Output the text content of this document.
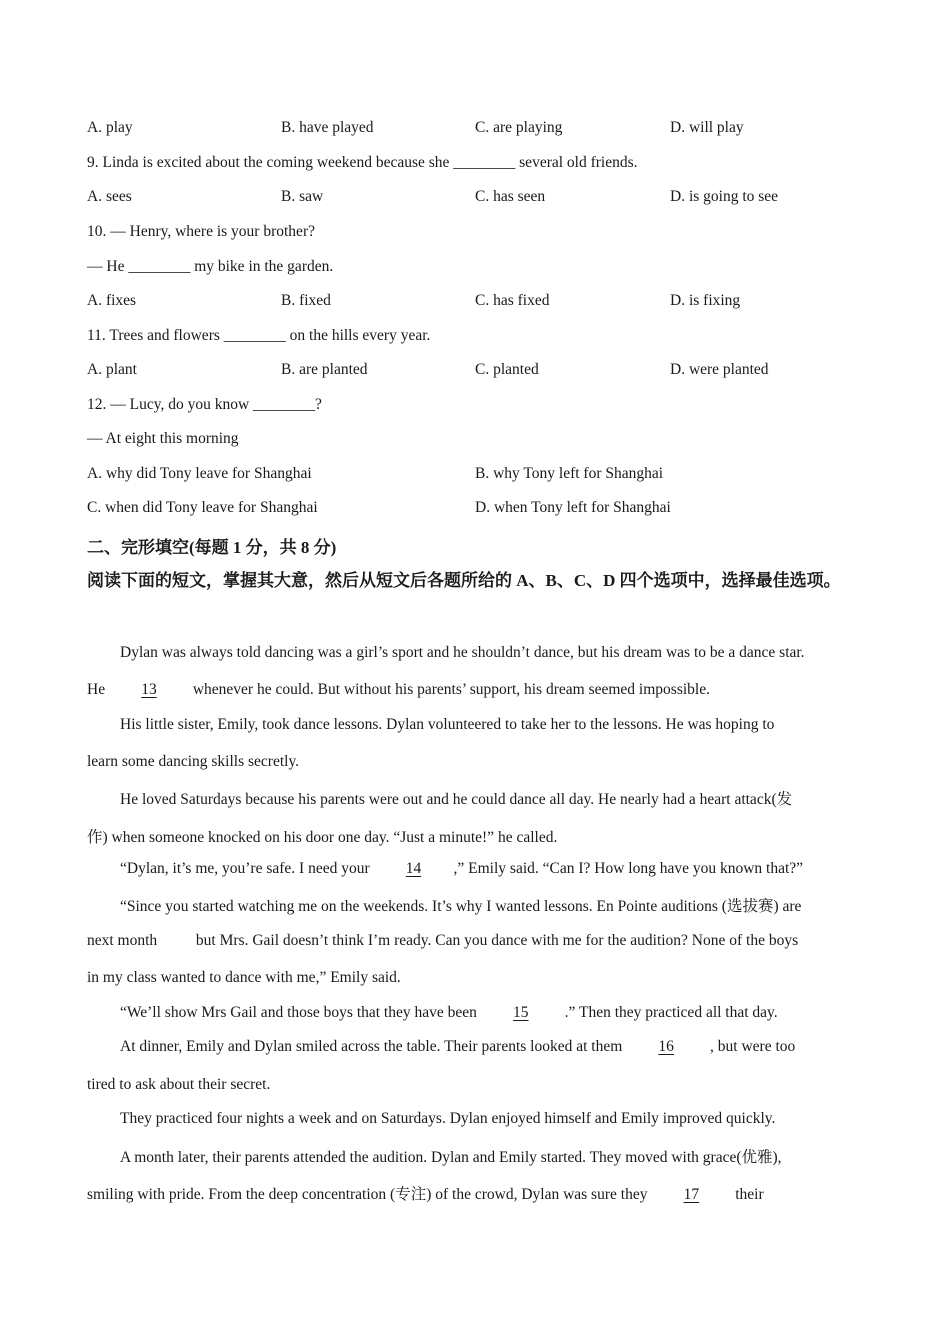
A. play	B. have played	C. are playing	D. will play
9. Linda is excited about the coming weekend because she ________ several old friends.
A. sees	B. saw	C. has seen	D. is going to see
10. — Henry, where is your brother?
— He ________ my bike in the garden.
A. fixes	B. fixed	C. has fixed	D. is fixing
11. Trees and flowers ________ on the hills every year.
A. plant	B. are planted	C. planted	D. were planted
12. — Lucy, do you know ________?
— At eight this morning
A. why did Tony leave for Shanghai	B. why Tony left for Shanghai
C. when did Tony leave for Shanghai	D. when Tony left for Shanghai
二、完形填空(每题 1 分，共 8 分)
阅读下面的短文，掌握其大意，然后从短文后各题所给的 A、B、C、D 四个选项中，选择最佳选项。
Dylan was always told dancing was a girl’s sport and he shouldn’t dance, but his dream was to be a dance star.
He 13 whenever he could. But without his parents’ support, his dream seemed impossible.
His little sister, Emily, took dance lessons. Dylan volunteered to take her to the lessons. He was hoping to
learn some dancing skills secretly.
He loved Saturdays because his parents were out and he could dance all day. He nearly had a heart attack(发
作) when someone knocked on his door one day. “Just a minute!” he called.
“Dylan, it’s me, you’re safe. I need your 14 ,” Emily said. “Can I? How long have you known that?”
“Since you started watching me on the weekends. It’s why I wanted lessons. En Pointe auditions (选拔赛) are
next month          but Mrs. Gail doesn’t think I’m ready. Can you dance with me for the audition? None of the boys
in my class wanted to dance with me,” Emily said.
“We’ll show Mrs Gail and those boys that they have been 15 .” Then they practiced all that day.
At dinner, Emily and Dylan smiled across the table. Their parents looked at them 16 , but were too
tired to ask about their secret.
They practiced four nights a week and on Saturdays. Dylan enjoyed himself and Emily improved quickly.
A month later, their parents attended the audition. Dylan and Emily started. They moved with grace(优雅),
smiling with pride. From the deep concentration (专注) of the crowd, Dylan was sure they 17 their
